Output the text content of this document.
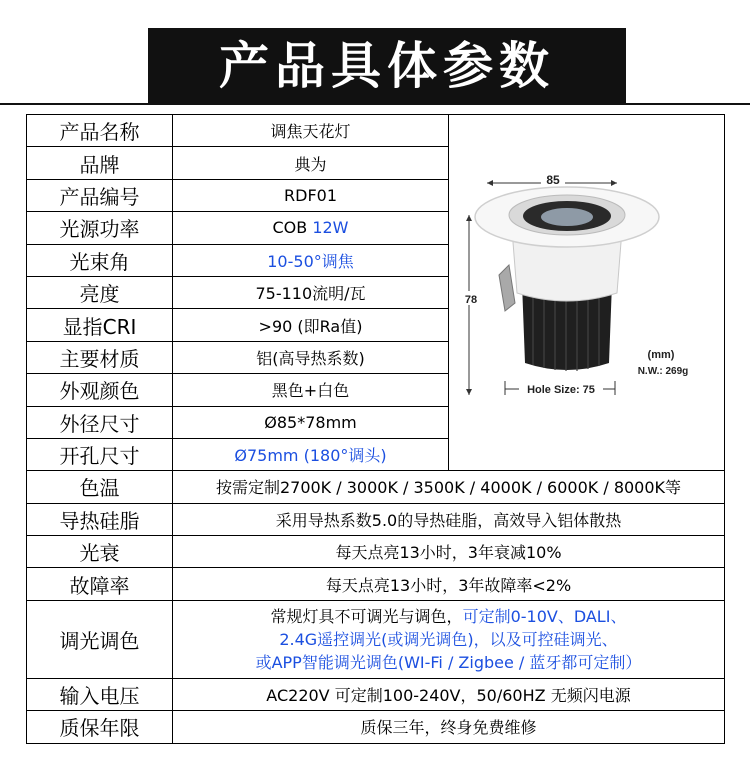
产品具体参数
产品名称	调焦天花灯	85
78
Hole Size: 75
(mm)
N.W.: 269g

品牌	典为	
产品编号	RDF01	
光源功率	COB 12W	
光束角	10-50°调焦	
亮度	75-110流明/瓦	
显指CRI	>90 (即Ra值)	
主要材质	铝(高导热系数)	
外观颜色	黑色+白色	
外径尺寸	Ø85*78mm	
开孔尺寸	Ø75mm (180°调头)	
色温	按需定制2700K / 3000K / 3500K / 4000K / 6000K / 8000K等	
导热硅脂	采用导热系数5.0的导热硅脂，高效导入铝体散热	
光衰	每天点亮13小时，3年衰减10%	
故障率	每天点亮13小时，3年故障率<2%	
调光调色	常规灯具不可调光与调色，可定制0-10V、DALI、
2.4G遥控调光(或调光调色)，以及可控硅调光、
或APP智能调光调色(WI-Fi / Zigbee / 蓝牙都可定制）	

输入电压	AC220V 可定制100-240V，50/60HZ 无频闪电源	
质保年限	质保三年，终身免费维修	
